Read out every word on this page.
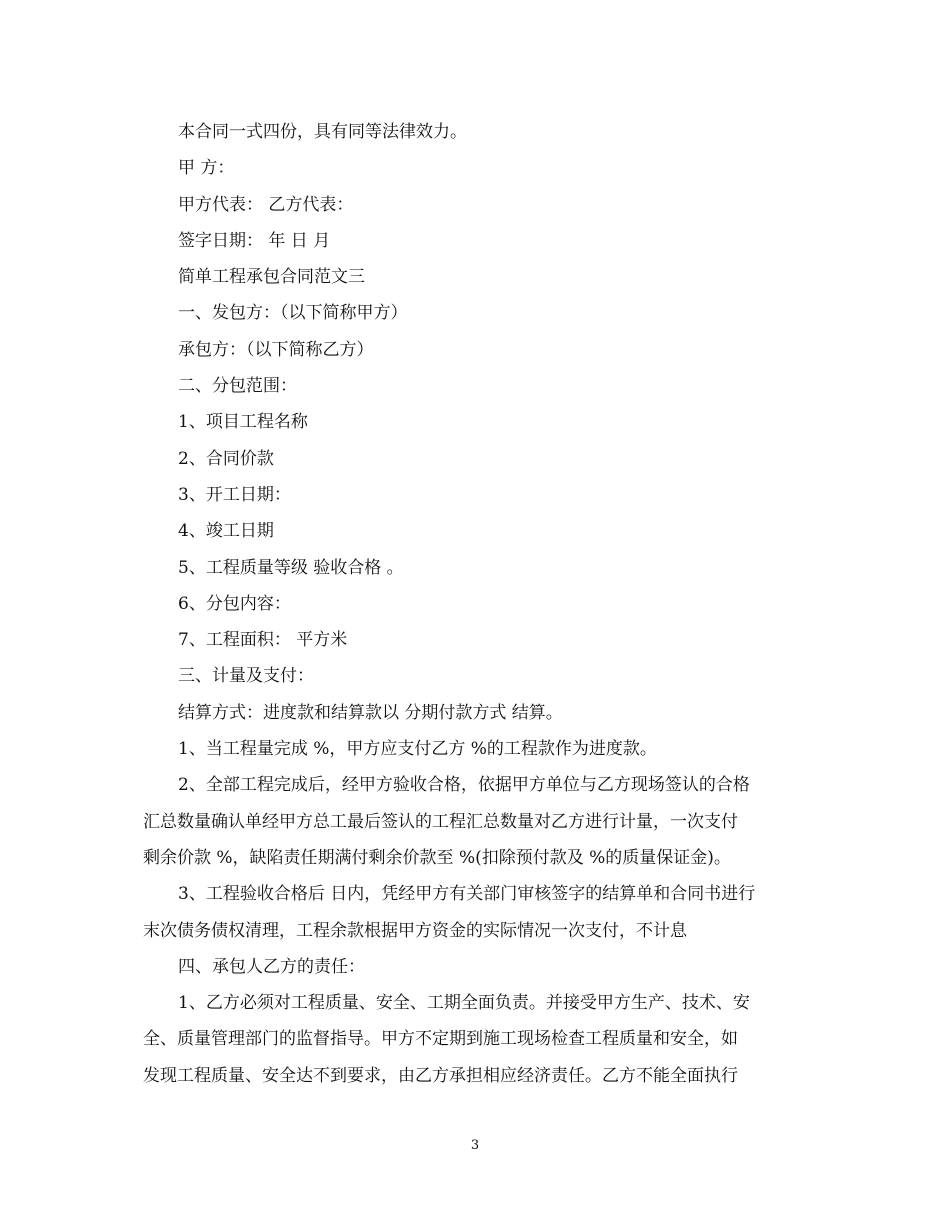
本合同一式四份，具有同等法律效力。

甲 方：

甲方代表： 乙方代表：

签字日期： 年 日 月

简单工程承包合同范文三

一、发包方：（以下简称甲方）

承包方：（以下简称乙方）

二、分包范围：

1、项目工程名称

2、合同价款

3、开工日期：

4、竣工日期

5、工程质量等级 验收合格 。

6、分包内容：

7、工程面积： 平方米

三、计量及支付：

结算方式：进度款和结算款以 分期付款方式 结算。

1、当工程量完成 %，甲方应支付乙方 %的工程款作为进度款。

2、全部工程完成后，经甲方验收合格，依据甲方单位与乙方现场签认的合格

汇总数量确认单经甲方总工最后签认的工程汇总数量对乙方进行计量，一次支付

剩余价款 %，缺陷责任期满付剩余价款至 %(扣除预付款及 %的质量保证金)。

3、工程验收合格后 日内，凭经甲方有关部门审核签字的结算单和合同书进行

末次债务债权清理，工程余款根据甲方资金的实际情况一次支付，不计息

四、承包人乙方的责任：

1、乙方必须对工程质量、安全、工期全面负责。并接受甲方生产、技术、安

全、质量管理部门的监督指导。甲方不定期到施工现场检查工程质量和安全，如

发现工程质量、安全达不到要求，由乙方承担相应经济责任。乙方不能全面执行

3
